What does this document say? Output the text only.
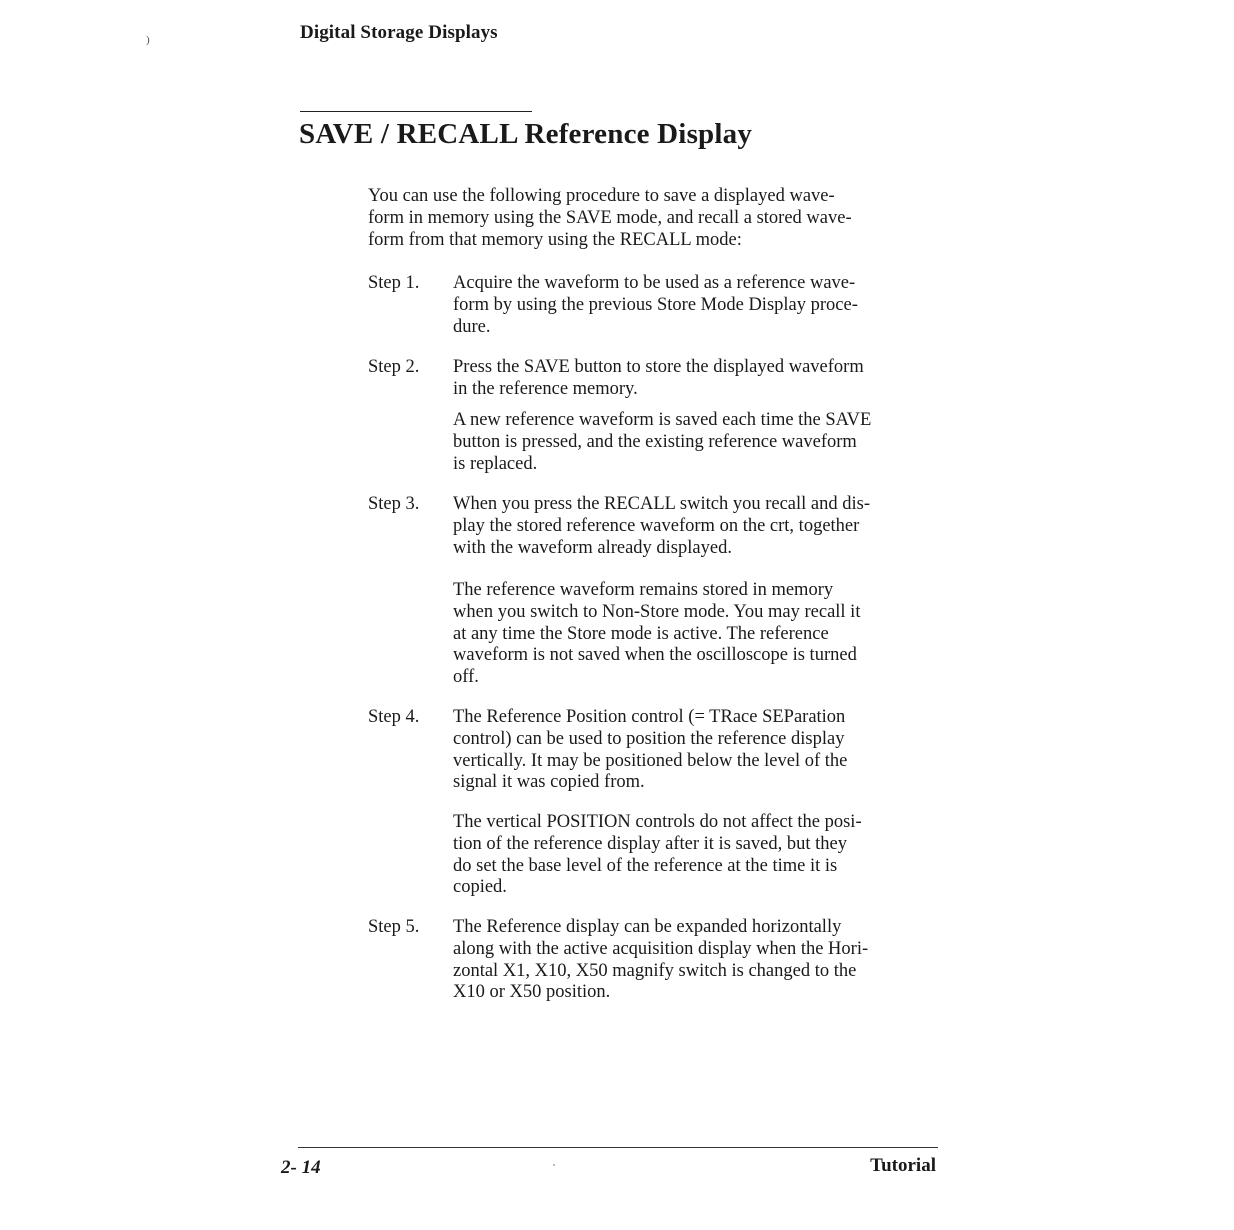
)	Digital Storage Displays
SAVE / RECALL Reference Display

You can use the following procedure to save a displayed wave-
form in memory using the SAVE mode, and recall a stored wave-
form from that memory using the RECALL mode:

Step 1. Acquire the waveform to be used as a reference wave-
form by using the previous Store Mode Display proce-
dure.

Step 2. Press the SAVE button to store the displayed waveform
in the reference memory.

A new reference waveform is saved each time the SAVE
button is pressed, and the existing reference waveform
is replaced.

Step 3. When you press the RECALL switch you recall and dis-
play the stored reference waveform on the crt, together
with the waveform already displayed.

The reference waveform remains stored in memory
when you switch to Non-Store mode. You may recall it
at any time the Store mode is active. The reference
waveform is not saved when the oscilloscope is turned
off.

Step 4. The Reference Position control (= TRace SEParation
control) can be used to position the reference display
vertically. It may be positioned below the level of the
signal it was copied from.

The vertical POSITION controls do not affect the posi-
tion of the reference display after it is saved, but they
do set the base level of the reference at the time it is
copied.

Step 5. The Reference display can be expanded horizontally
along with the active acquisition display when the Hori-
zontal X1, X10, X50 magnify switch is changed to the
X10 or X50 position.

2- 14	Tutorial
